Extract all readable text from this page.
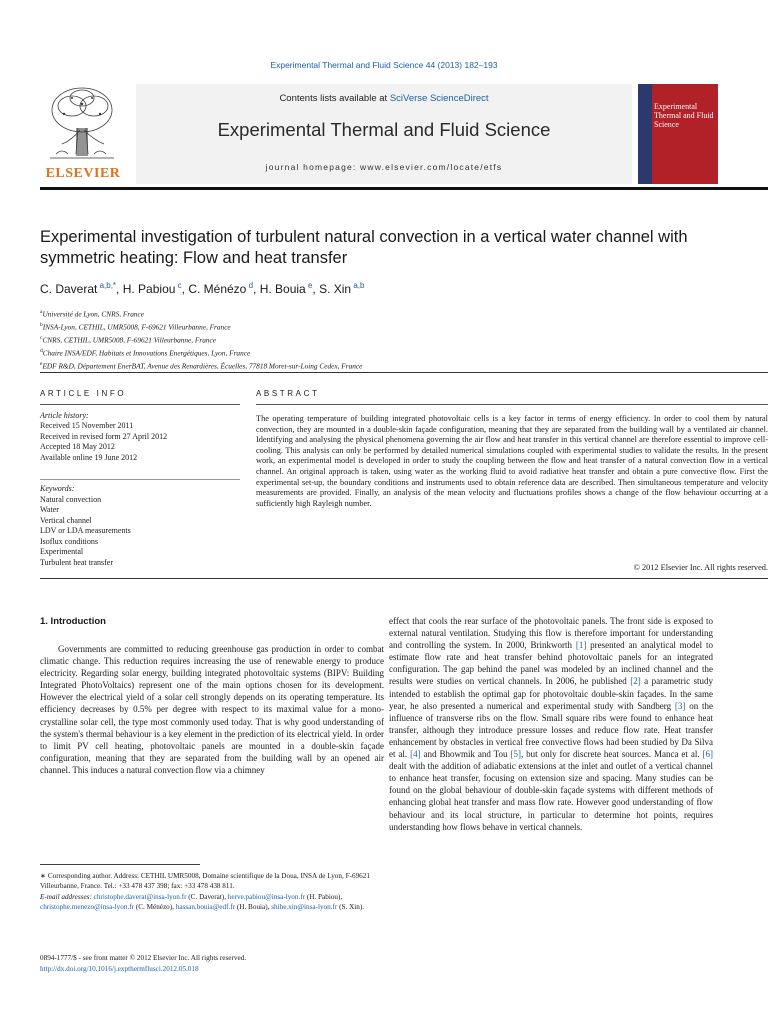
Experimental Thermal and Fluid Science 44 (2013) 182–193
ELSEVIER
Contents lists available at SciVerse ScienceDirect
Experimental Thermal and Fluid Science
journal homepage: www.elsevier.com/locate/etfs
Experimental Thermal and Fluid Science
Experimental investigation of turbulent natural convection in a vertical water channel with symmetric heating: Flow and heat transfer
C. Daverat $^{a,b,*}$, H. Pabiou $^c$, C. Ménézo $^d$, H. Bouia $^e$, S. Xin $^{a,b}$
$^a$Université de Lyon, CNRS, France
$^b$INSA-Lyon, CETHIL, UMR5008, F-69621 Villeurbanne, France
$^c$CNRS, CETHIL, UMR5008, F-69621 Villeurbanne, France
$^d$Chaire INSA/EDF, Habitats et Innovations Energétiques, Lyon, France
$^e$EDF R&D, Département EnerBAT, Avenue des Renardières, Écuelles, 77818 Moret-sur-Loing Cedex, France
ARTICLE INFO	ABSTRACT
Article history:
Received 15 November 2011
Received in revised form 27 April 2012
Accepted 18 May 2012
Available online 19 June 2012
Keywords:
Natural convection
Water
Vertical channel
LDV or LDA measurements
Isoflux conditions
Experimental
Turbulent heat transfer
The operating temperature of building integrated photovoltaic cells is a key factor in terms of energy efficiency. In order to cool them by natural convection, they are mounted in a double-skin façade configuration, meaning that they are separated from the building wall by a ventilated air channel. Identifying and analysing the physical phenomena governing the air flow and heat transfer in this vertical channel are therefore essential to improve cell-cooling. This analysis can only be performed by detailed numerical simulations coupled with experimental studies to validate the results. In the present work, an experimental model is developed in order to study the coupling between the flow and heat transfer of a natural convection flow in a vertical channel. An original approach is taken, using water as the working fluid to avoid radiative heat transfer and obtain a pure convective flow. First the experimental set-up, the boundary conditions and instruments used to obtain reference data are described. Then simultaneous temperature and velocity measurements are provided. Finally, an analysis of the mean velocity and fluctuations profiles shows a change of the flow behaviour occurring at a sufficiently high Rayleigh number.
© 2012 Elsevier Inc. All rights reserved.
1. Introduction
Governments are committed to reducing greenhouse gas production in order to combat climatic change. This reduction requires increasing the use of renewable energy to produce electricity. Regarding solar energy, building integrated photovoltaic systems (BIPV: Building Integrated PhotoVoltaics) represent one of the main options chosen for its development. However the electrical yield of a solar cell strongly depends on its operating temperature. Its efficiency decreases by 0.5% per degree with respect to its maximal value for a mono-crystalline solar cell, the type most commonly used today. That is why good understanding of the system's thermal behaviour is a key element in the prediction of its electrical yield. In order to limit PV cell heating, photovoltaic panels are mounted in a double-skin façade configuration, meaning that they are separated from the building wall by an opened air channel. This induces a natural convection flow via a chimney
effect that cools the rear surface of the photovoltaic panels. The front side is exposed to external natural ventilation. Studying this flow is therefore important for understanding and controlling the system. In 2000, Brinkworth [1] presented an analytical model to estimate flow rate and heat transfer behind photovoltaic panels for an integrated configuration. The gap behind the panel was modeled by an inclined channel and the results were studies on vertical channels. In 2006, he published [2] a parametric study intended to establish the optimal gap for photovoltaic double-skin façades. In the same year, he also presented a numerical and experimental study with Sandberg [3] on the influence of transverse ribs on the flow. Small square ribs were found to enhance heat transfer, although they introduce pressure losses and reduce flow rate. Heat transfer enhancement by obstacles in vertical free convective flows had been studied by Da Silva et al. [4] and Bhowmik and Tou [5], but only for discrete heat sources. Manca et al. [6] dealt with the addition of adiabatic extensions at the inlet and outlet of a vertical channel to enhance heat transfer, focusing on extension size and spacing. Many studies can be found on the global behaviour of double-skin façade systems with different methods of enhancing global heat transfer and mass flow rate. However good understanding of flow behaviour and its local structure, in particular to determine hot points, requires understanding how flows behave in vertical channels.
∗ Corresponding author. Address: CETHIL UMR5008, Domaine scientifique de la Doua, INSA de Lyon, F-69621 Villeurbanne, France. Tel.: +33 478 437 398; fax: +33 478 438 811.
E-mail addresses: christophe.daverat@insa-lyon.fr (C. Daverat), herve.pabiou@insa-lyon.fr (H. Pabiou), christophe.menezo@insa-lyon.fr (C. Ménézo), hassan.bouia@edf.fr (H. Bouia), shihe.xin@insa-lyon.fr (S. Xin).
0894-1777/$ - see front matter © 2012 Elsevier Inc. All rights reserved.
http://dx.doi.org/10.1016/j.expthermflusci.2012.05.018
